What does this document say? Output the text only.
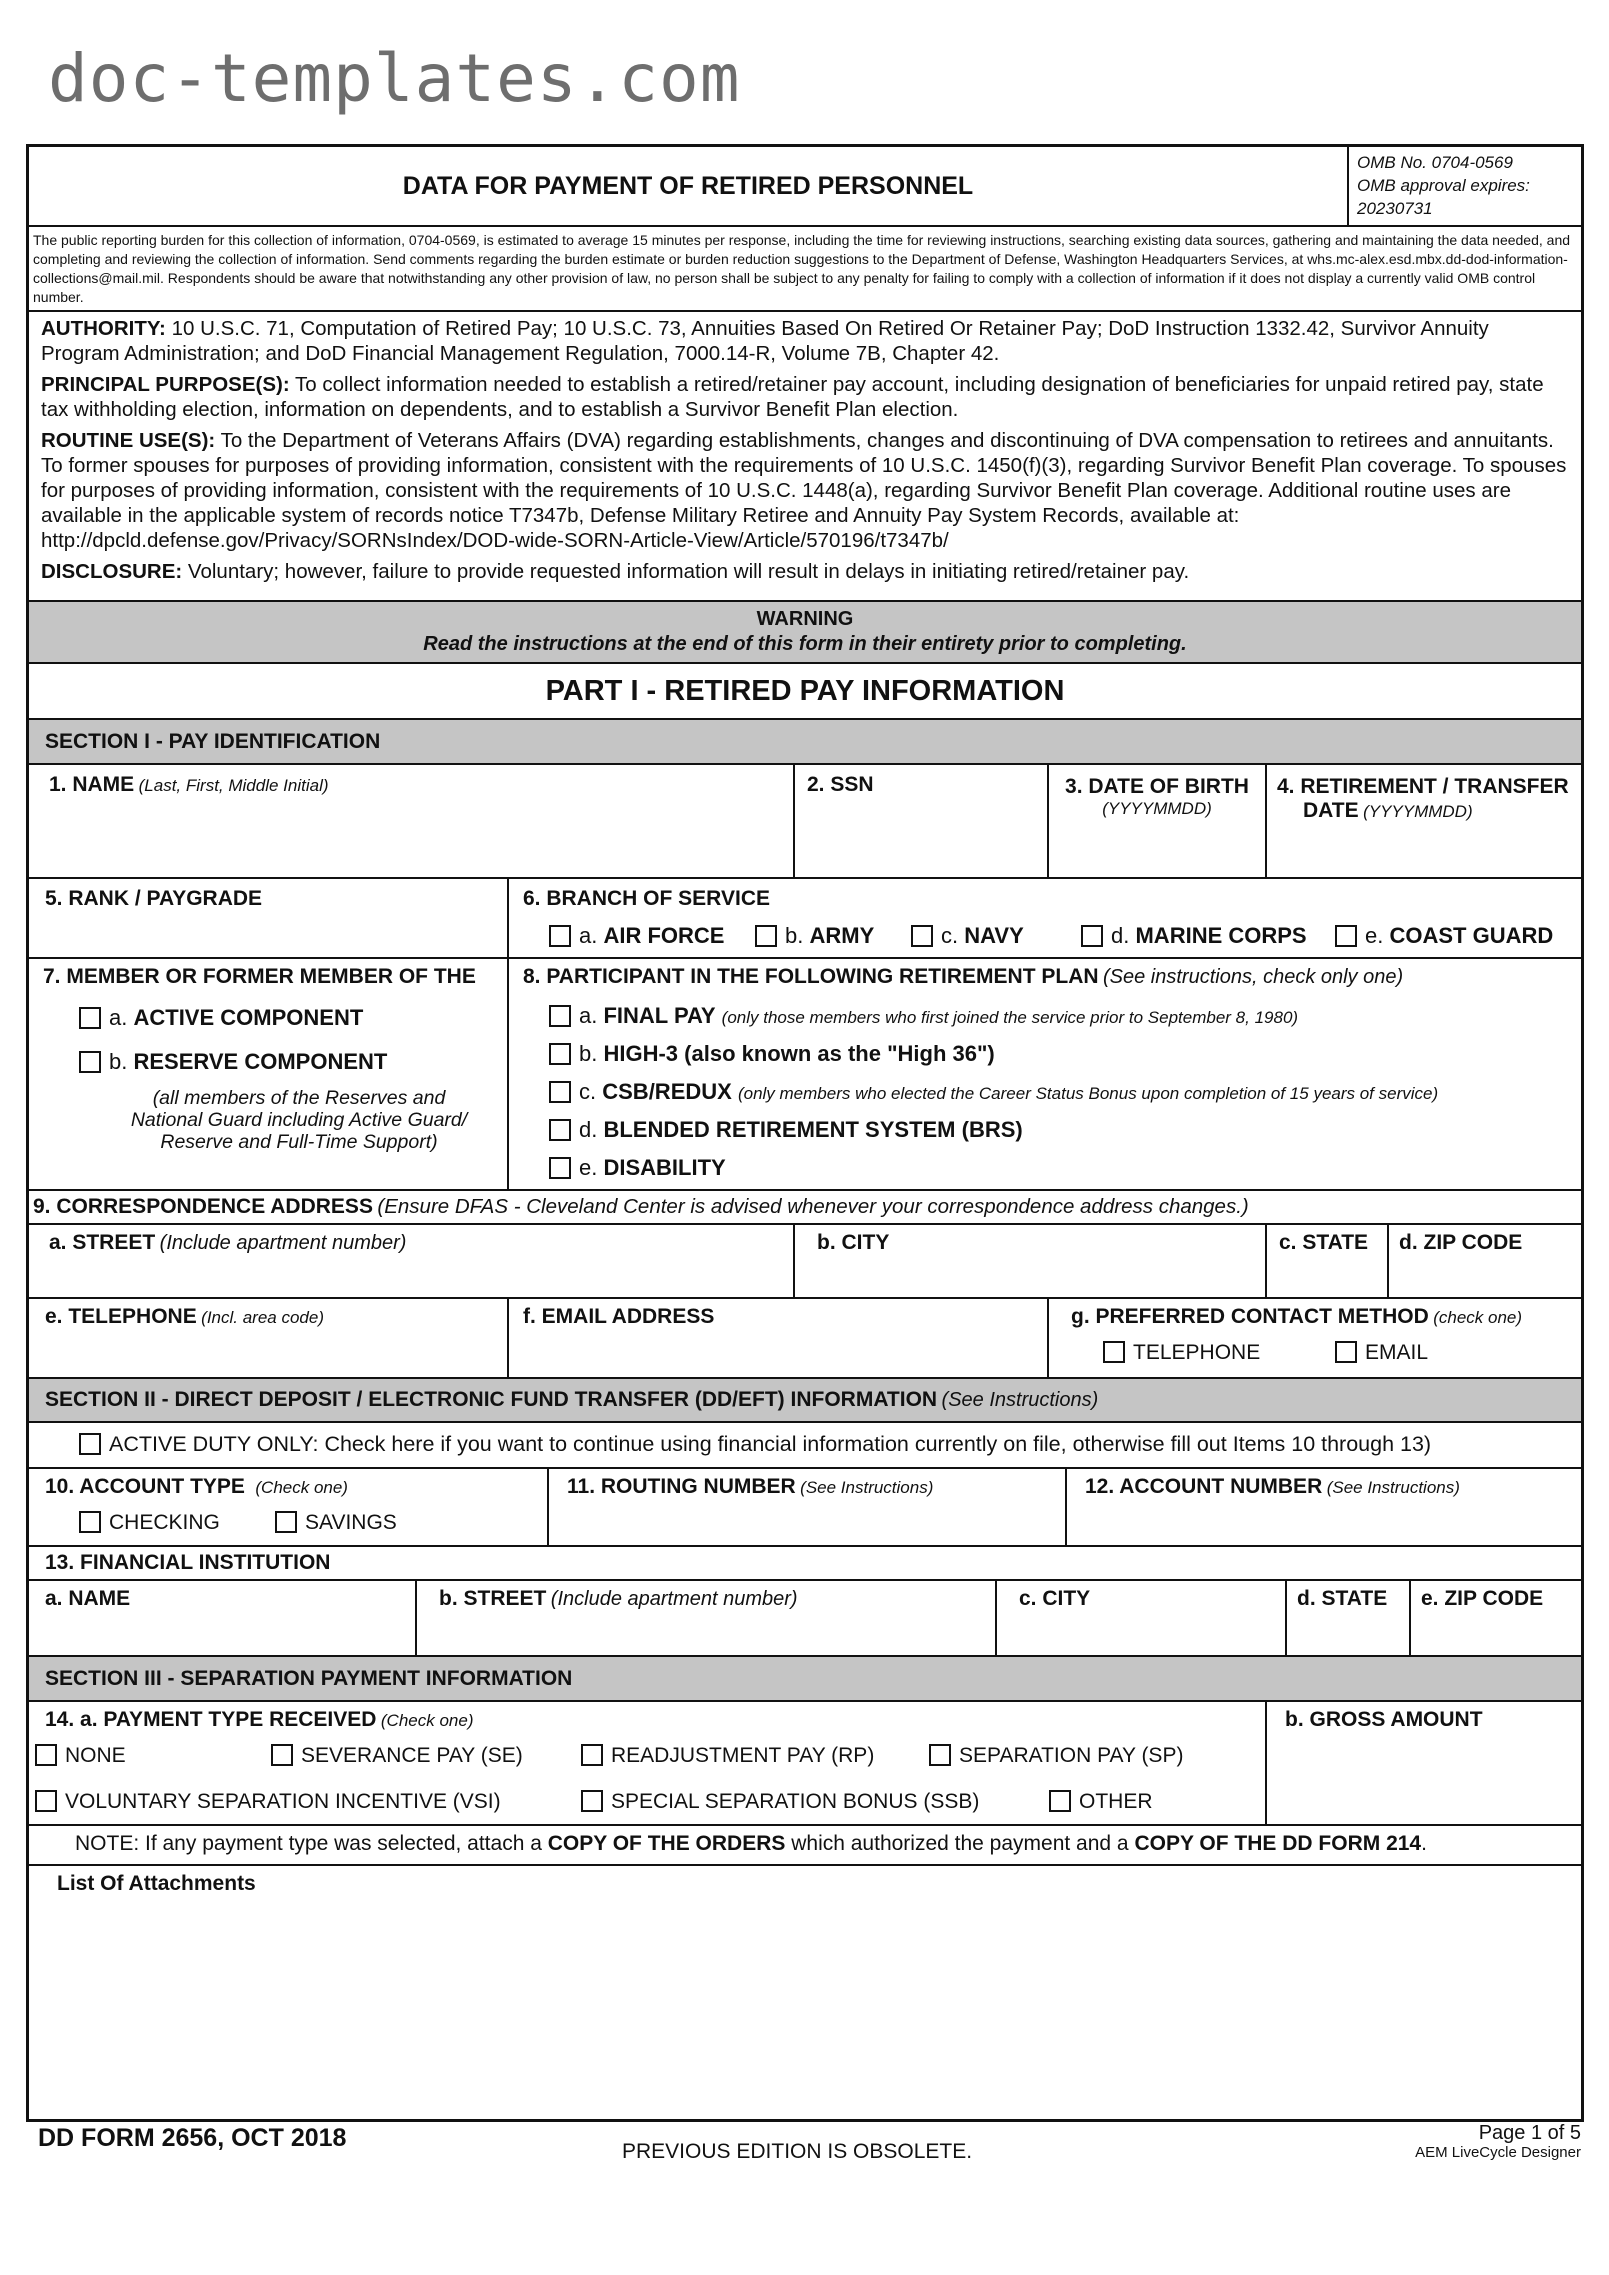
doc-templates.com
DATA FOR PAYMENT OF RETIRED PERSONNEL
OMB No. 0704-0569
OMB approval expires:
20230731
The public reporting burden for this collection of information, 0704-0569, is estimated to average 15 minutes per response, including the time for reviewing instructions, searching existing data sources, gathering and maintaining the data needed, and completing and reviewing the collection of information. Send comments regarding the burden estimate or burden reduction suggestions to the Department of Defense, Washington Headquarters Services, at whs.mc-alex.esd.mbx.dd-dod-information-collections@mail.mil. Respondents should be aware that notwithstanding any other provision of law, no person shall be subject to any penalty for failing to comply with a collection of information if it does not display a currently valid OMB control number.
AUTHORITY: 10 U.S.C. 71, Computation of Retired Pay; 10 U.S.C. 73, Annuities Based On Retired Or Retainer Pay; DoD Instruction 1332.42, Survivor Annuity Program Administration; and DoD Financial Management Regulation, 7000.14-R, Volume 7B, Chapter 42.
PRINCIPAL PURPOSE(S): To collect information needed to establish a retired/retainer pay account, including designation of beneficiaries for unpaid retired pay, state tax withholding election, information on dependents, and to establish a Survivor Benefit Plan election.
ROUTINE USE(S): To the Department of Veterans Affairs (DVA) regarding establishments, changes and discontinuing of DVA compensation to retirees and annuitants. To former spouses for purposes of providing information, consistent with the requirements of 10 U.S.C. 1450(f)(3), regarding Survivor Benefit Plan coverage. To spouses for purposes of providing information, consistent with the requirements of 10 U.S.C. 1448(a), regarding Survivor Benefit Plan coverage. Additional routine uses are available in the applicable system of records notice T7347b, Defense Military Retiree and Annuity Pay System Records, available at: http://dpcld.defense.gov/Privacy/SORNsIndex/DOD-wide-SORN-Article-View/Article/570196/t7347b/
DISCLOSURE: Voluntary; however, failure to provide requested information will result in delays in initiating retired/retainer pay.
WARNING
Read the instructions at the end of this form in their entirety prior to completing.
PART I - RETIRED PAY INFORMATION
SECTION I - PAY IDENTIFICATION
1. NAME (Last, First, Middle Initial)	2. SSN	3. DATE OF BIRTH
(YYYYMMDD)
4. RETIREMENT / TRANSFER
DATE (YYYYMMDD)
5. RANK / PAYGRADE	6. BRANCH OF SERVICE
a. AIR FORCE	b. ARMY	c. NAVY	d. MARINE CORPS	e. COAST GUARD
7. MEMBER OR FORMER MEMBER OF THE
a. ACTIVE COMPONENT
b. RESERVE COMPONENT
(all members of the Reserves and
National Guard including Active Guard/
Reserve and Full-Time Support)
8. PARTICIPANT IN THE FOLLOWING RETIREMENT PLAN (See instructions, check only one)
a. FINAL PAY (only those members who first joined the service prior to September 8, 1980)
b. HIGH-3 (also known as the "High 36")
c. CSB/REDUX (only members who elected the Career Status Bonus upon completion of 15 years of service)
d. BLENDED RETIREMENT SYSTEM (BRS)
e. DISABILITY
9. CORRESPONDENCE ADDRESS (Ensure DFAS - Cleveland Center is advised whenever your correspondence address changes.)
a. STREET (Include apartment number)	b. CITY	c. STATE	d. ZIP CODE
e. TELEPHONE (Incl. area code)	f. EMAIL ADDRESS	g. PREFERRED CONTACT METHOD (check one)
TELEPHONE	EMAIL
SECTION II - DIRECT DEPOSIT / ELECTRONIC FUND TRANSFER (DD/EFT) INFORMATION (See Instructions)
ACTIVE DUTY ONLY: Check here if you want to continue using financial information currently on file, otherwise fill out Items 10 through 13)
10. ACCOUNT TYPE (Check one)
CHECKING	SAVINGS
11. ROUTING NUMBER (See Instructions)	12. ACCOUNT NUMBER (See Instructions)
13. FINANCIAL INSTITUTION
a. NAME	b. STREET (Include apartment number)	c. CITY	d. STATE	e. ZIP CODE
SECTION III - SEPARATION PAYMENT INFORMATION
14. a. PAYMENT TYPE RECEIVED (Check one)
NONE	SEVERANCE PAY (SE)	READJUSTMENT PAY (RP)	SEPARATION PAY (SP)
VOLUNTARY SEPARATION INCENTIVE (VSI)	SPECIAL SEPARATION BONUS (SSB)	OTHER
b. GROSS AMOUNT
NOTE: If any payment type was selected, attach a COPY OF THE ORDERS which authorized the payment and a COPY OF THE DD FORM 214.
List Of Attachments
DD FORM 2656, OCT 2018	PREVIOUS EDITION IS OBSOLETE.
Page 1 of 5
AEM LiveCycle Designer
